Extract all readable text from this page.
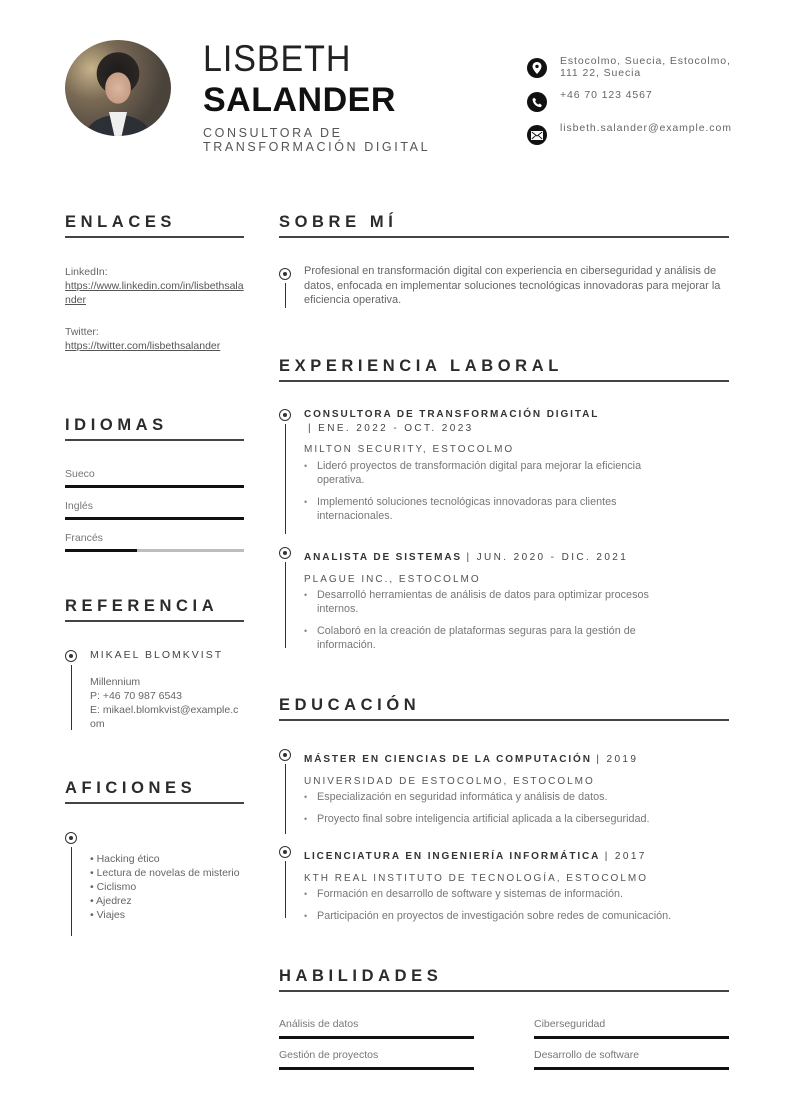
LISBETH
SALANDER
CONSULTORA DE
TRANSFORMACIÓN DIGITAL
Estocolmo, Suecia, Estocolmo, 111 22, Suecia
+46 70 123 4567
lisbeth.salander@example.com
ENLACES
LinkedIn:
https://www.linkedin.com/in/lisbethsalander
Twitter:
https://twitter.com/lisbethsalander
IDIOMAS
Sueco
Inglés
Francés
REFERENCIA
MIKAEL BLOMKVIST
Millennium
P: +46 70 987 6543
E: mikael.blomkvist@example.com
AFICIONES
• Hacking ético
• Lectura de novelas de misterio
• Ciclismo
• Ajedrez
• Viajes
SOBRE MÍ
Profesional en transformación digital con experiencia en ciberseguridad y análisis de datos, enfocada en implementar soluciones tecnológicas innovadoras para mejorar la eficiencia operativa.
EXPERIENCIA LABORAL
CONSULTORA DE TRANSFORMACIÓN DIGITAL
| ENE. 2022 - OCT. 2023
MILTON SECURITY, ESTOCOLMO
• Lideró proyectos de transformación digital para mejorar la eficiencia operativa.
• Implementó soluciones tecnológicas innovadoras para clientes internacionales.
ANALISTA DE SISTEMAS | JUN. 2020 - DIC. 2021
PLAGUE INC., ESTOCOLMO
• Desarrolló herramientas de análisis de datos para optimizar procesos internos.
• Colaboró en la creación de plataformas seguras para la gestión de información.
EDUCACIÓN
MÁSTER EN CIENCIAS DE LA COMPUTACIÓN | 2019
UNIVERSIDAD DE ESTOCOLMO, ESTOCOLMO
• Especialización en seguridad informática y análisis de datos.
• Proyecto final sobre inteligencia artificial aplicada a la ciberseguridad.
LICENCIATURA EN INGENIERÍA INFORMÁTICA | 2017
KTH REAL INSTITUTO DE TECNOLOGÍA, ESTOCOLMO
• Formación en desarrollo de software y sistemas de información.
• Participación en proyectos de investigación sobre redes de comunicación.
HABILIDADES
Análisis de datos	Ciberseguridad
Gestión de proyectos	Desarrollo de software
